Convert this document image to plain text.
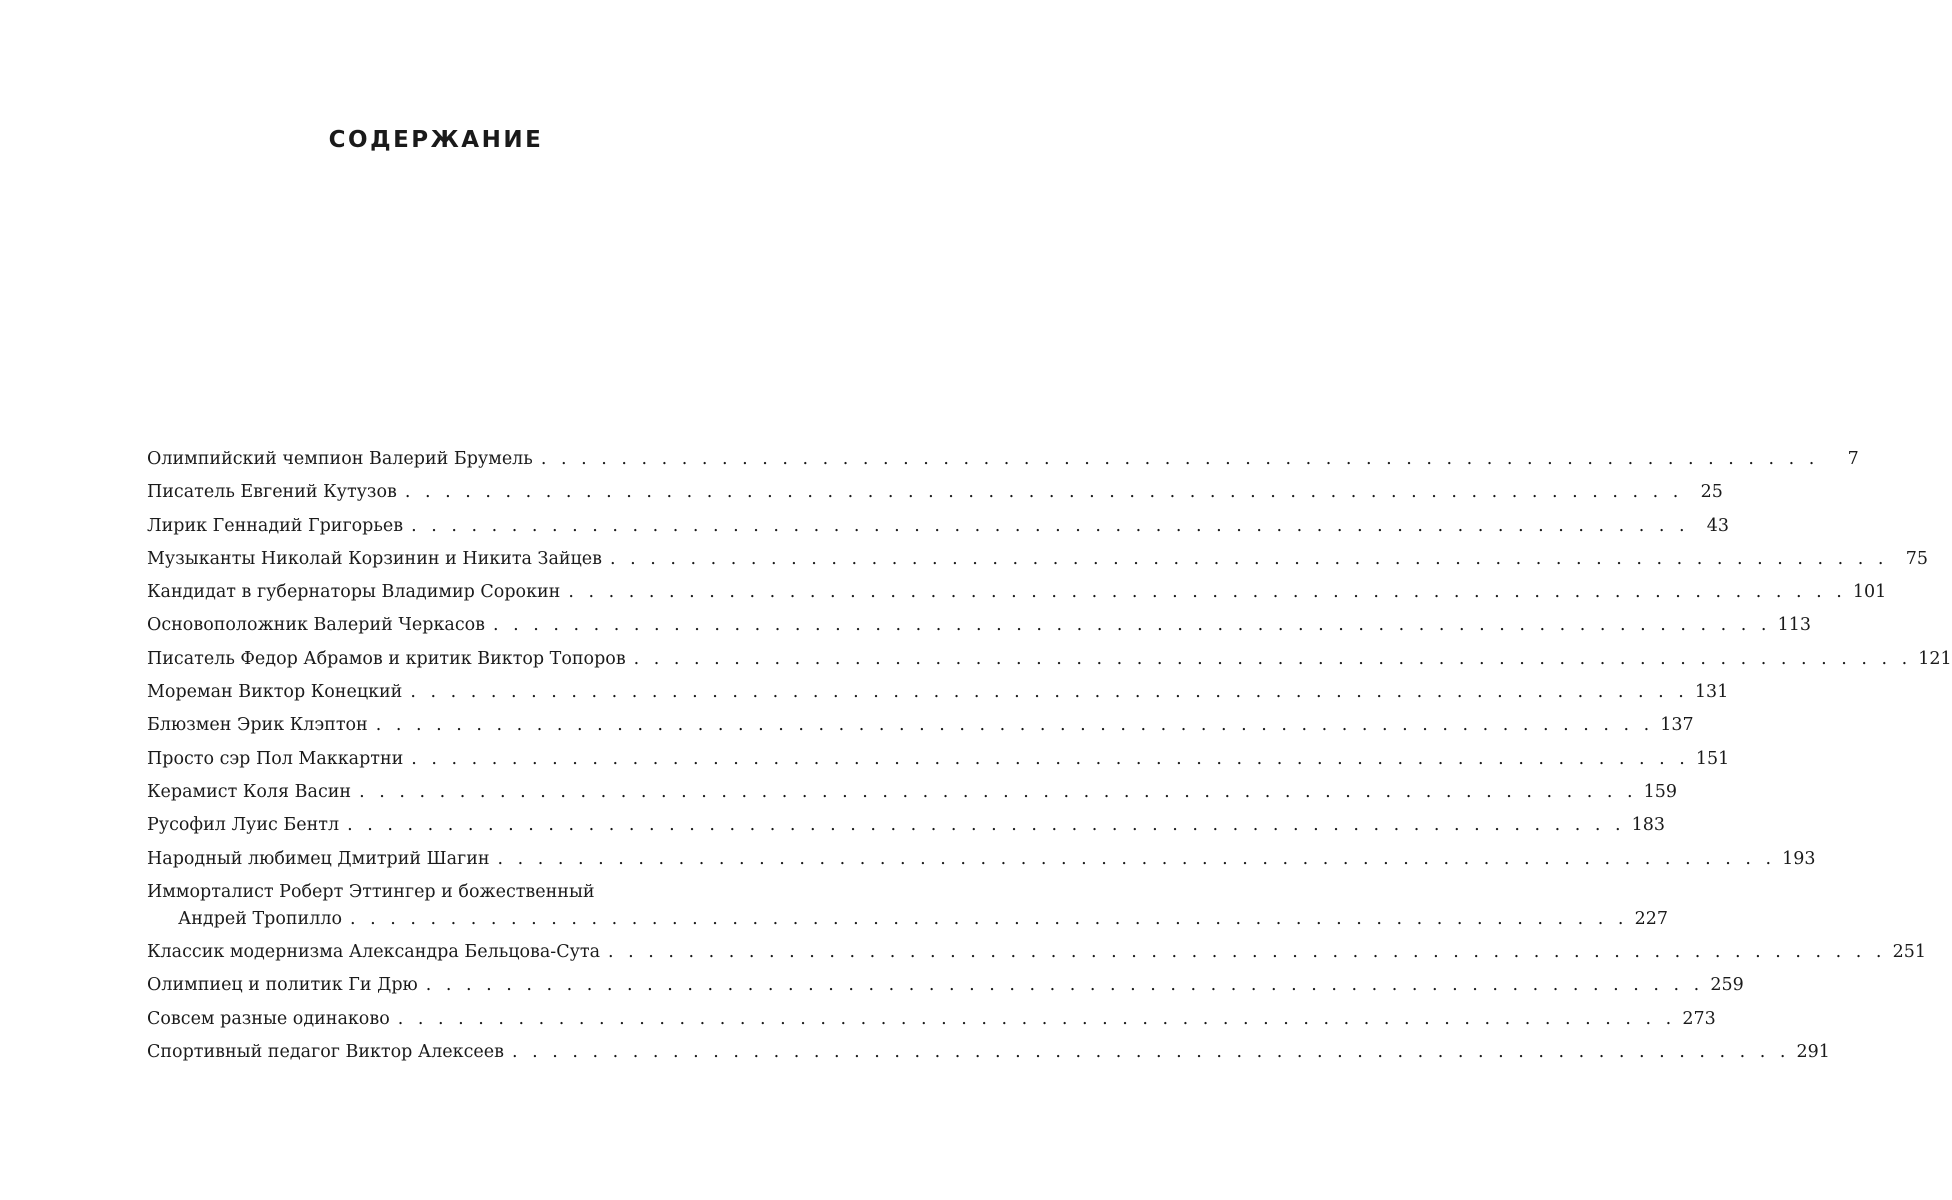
СОДЕРЖАНИЕ
Олимпийский чемпион Валерий Брумель . . . . . . . . . . . . . . . . . . . . . . . . . . . . . . . . . . . . . . . . . . . . . . . . . . . . . . . . . . . . . . . .	7
Писатель Евгений Кутузов . . . . . . . . . . . . . . . . . . . . . . . . . . . . . . . . . . . . . . . . . . . . . . . . . . . . . . . . . . . . . . . .	25
Лирик Геннадий Григорьев . . . . . . . . . . . . . . . . . . . . . . . . . . . . . . . . . . . . . . . . . . . . . . . . . . . . . . . . . . . . . . . .	43
Музыканты Николай Корзинин и Никита Зайцев . . . . . . . . . . . . . . . . . . . . . . . . . . . . . . . . . . . . . . . . . . . . . . . . . . . . . . . . . . . . . . . .	75
Кандидат в губернаторы Владимир Сорокин . . . . . . . . . . . . . . . . . . . . . . . . . . . . . . . . . . . . . . . . . . . . . . . . . . . . . . . . . . . . . . . . 101
Основоположник Валерий Черкасов . . . . . . . . . . . . . . . . . . . . . . . . . . . . . . . . . . . . . . . . . . . . . . . . . . . . . . . . . . . . . . . . 113
Писатель Федор Абрамов и критик Виктор Топоров . . . . . . . . . . . . . . . . . . . . . . . . . . . . . . . . . . . . . . . . . . . . . . . . . . . . . . . . . . . . . . . . 121
Мореман Виктор Конецкий . . . . . . . . . . . . . . . . . . . . . . . . . . . . . . . . . . . . . . . . . . . . . . . . . . . . . . . . . . . . . . . . 131
Блюзмен Эрик Клэптон . . . . . . . . . . . . . . . . . . . . . . . . . . . . . . . . . . . . . . . . . . . . . . . . . . . . . . . . . . . . . . . . 137
Просто сэр Пол Маккартни . . . . . . . . . . . . . . . . . . . . . . . . . . . . . . . . . . . . . . . . . . . . . . . . . . . . . . . . . . . . . . . . 151
Керамист Коля Васин . . . . . . . . . . . . . . . . . . . . . . . . . . . . . . . . . . . . . . . . . . . . . . . . . . . . . . . . . . . . . . . . 159
Русофил Луис Бентл . . . . . . . . . . . . . . . . . . . . . . . . . . . . . . . . . . . . . . . . . . . . . . . . . . . . . . . . . . . . . . . . 183
Народный любимец Дмитрий Шагин . . . . . . . . . . . . . . . . . . . . . . . . . . . . . . . . . . . . . . . . . . . . . . . . . . . . . . . . . . . . . . . . 193
Имморталист Роберт Эттингер и божественный
Андрей Тропилло . . . . . . . . . . . . . . . . . . . . . . . . . . . . . . . . . . . . . . . . . . . . . . . . . . . . . . . . . . . . . . . . 227
Классик модернизма Александра Бельцова-Сута . . . . . . . . . . . . . . . . . . . . . . . . . . . . . . . . . . . . . . . . . . . . . . . . . . . . . . . . . . . . . . . . 251
Олимпиец и политик Ги Дрю . . . . . . . . . . . . . . . . . . . . . . . . . . . . . . . . . . . . . . . . . . . . . . . . . . . . . . . . . . . . . . . . 259
Совсем разные одинаково . . . . . . . . . . . . . . . . . . . . . . . . . . . . . . . . . . . . . . . . . . . . . . . . . . . . . . . . . . . . . . . . 273
Спортивный педагог Виктор Алексеев . . . . . . . . . . . . . . . . . . . . . . . . . . . . . . . . . . . . . . . . . . . . . . . . . . . . . . . . . . . . . . . . 291
